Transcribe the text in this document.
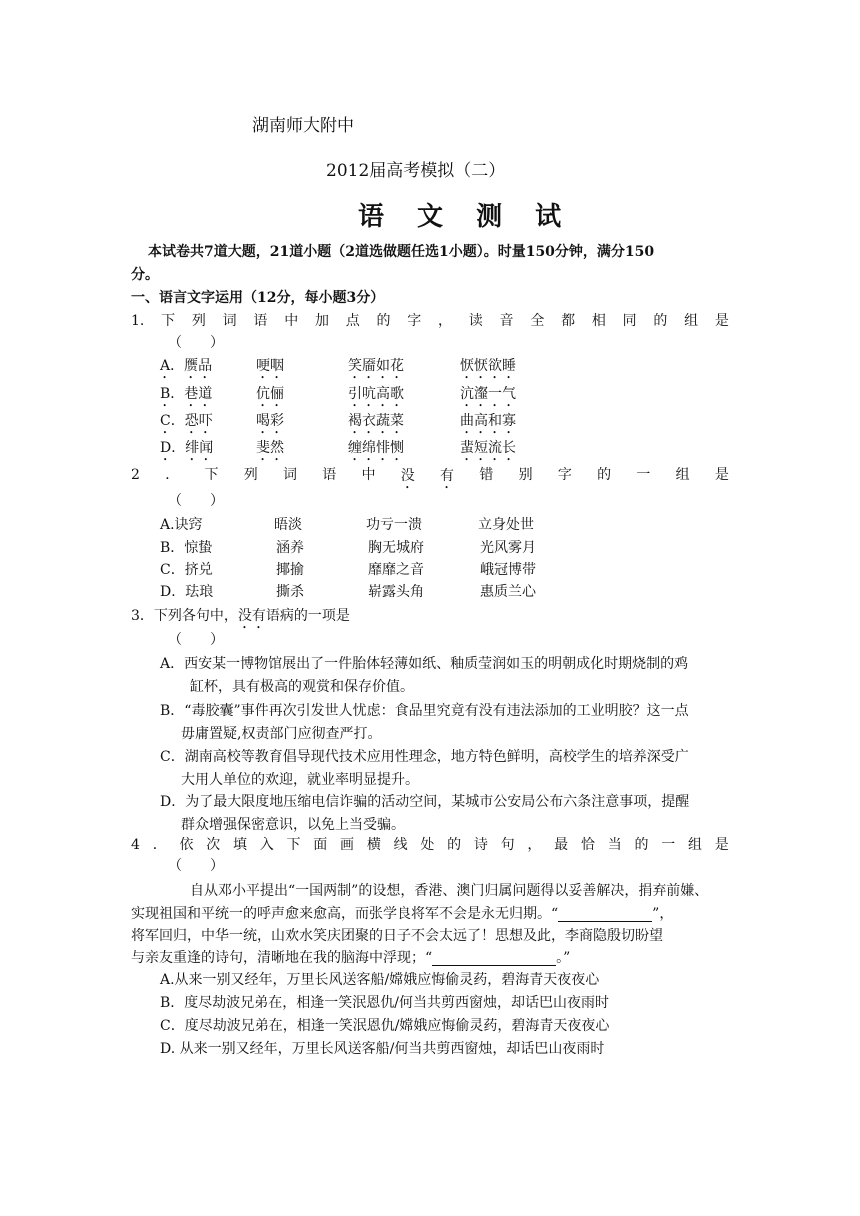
湖南师大附中
2012届高考模拟（二）
语 文 测 试
本试卷共7道大题，21道小题（2道选做题任选1小题）。时量150分钟，满分150
分。
一、语言文字运用（12分，每小题3分）
1. 下 列 词 语 中 加 点 的 字 ， 读 音 全 都 相 同 的 组 是
（　　）
A．赝品	哽咽	笑靥如花	恹恹欲睡
B．巷道	伉俪	引吭高歌	沆瀣一气
C．恐吓	喝彩	褐衣蔬菜	曲高和寡
D．绯闻	斐然	缠绵悱恻	蜚短流长
2 ． 下 列 词 语 中 没 有 错 别 字 的 一 组 是
（　　）
A.诀窍	晤淡	功亏一溃	立身处世
B．惊蛰	涵养	胸无城府	光风雾月
C．挤兑	揶揄	靡靡之音	峨冠博带
D．珐琅	撕杀	崭露头角	惠质兰心
3．下列各句中，没有语病的一项是
（　　）
A．西安某一博物馆展出了一件胎体轻薄如纸、釉质莹润如玉的明朝成化时期烧制的鸡
缸杯，具有极高的观赏和保存价值。
B．“毒胶囊”事件再次引发世人忧虑：食品里究竟有没有违法添加的工业明胶？这一点
毋庸置疑,权责部门应彻查严打。
C．湖南高校等教育倡导现代技术应用性理念，地方特色鲜明，高校学生的培养深受广
大用人单位的欢迎，就业率明显提升。
D．为了最大限度地压缩电信诈骗的活动空间，某城市公安局公布六条注意事项，提醒
群众增强保密意识，以免上当受骗。
4 ． 依 次 填 入 下 面 画 横 线 处 的 诗 句 ， 最 恰 当 的 一 组 是
（　　）
自从邓小平提出“一国两制”的设想，香港、澳门归属问题得以妥善解决，捐弃前嫌、
实现祖国和平统一的呼声愈来愈高，而张学良将军不会是永无归期。“	”，
将军回归，中华一统，山欢水笑庆团聚的日子不会太远了！思想及此，李商隐殷切盼望
与亲友重逢的诗句，清晰地在我的脑海中浮现；“	。”
A.从来一别又经年，万里长风送客船/嫦娥应悔偷灵药，碧海青天夜夜心
B．度尽劫波兄弟在，相逢一笑泯恩仇/何当共剪西窗烛，却话巴山夜雨时
C．度尽劫波兄弟在，相逢一笑泯恩仇/嫦娥应悔偷灵药，碧海青天夜夜心
D. 从来一别又经年，万里长风送客船/何当共剪西窗烛，却话巴山夜雨时
